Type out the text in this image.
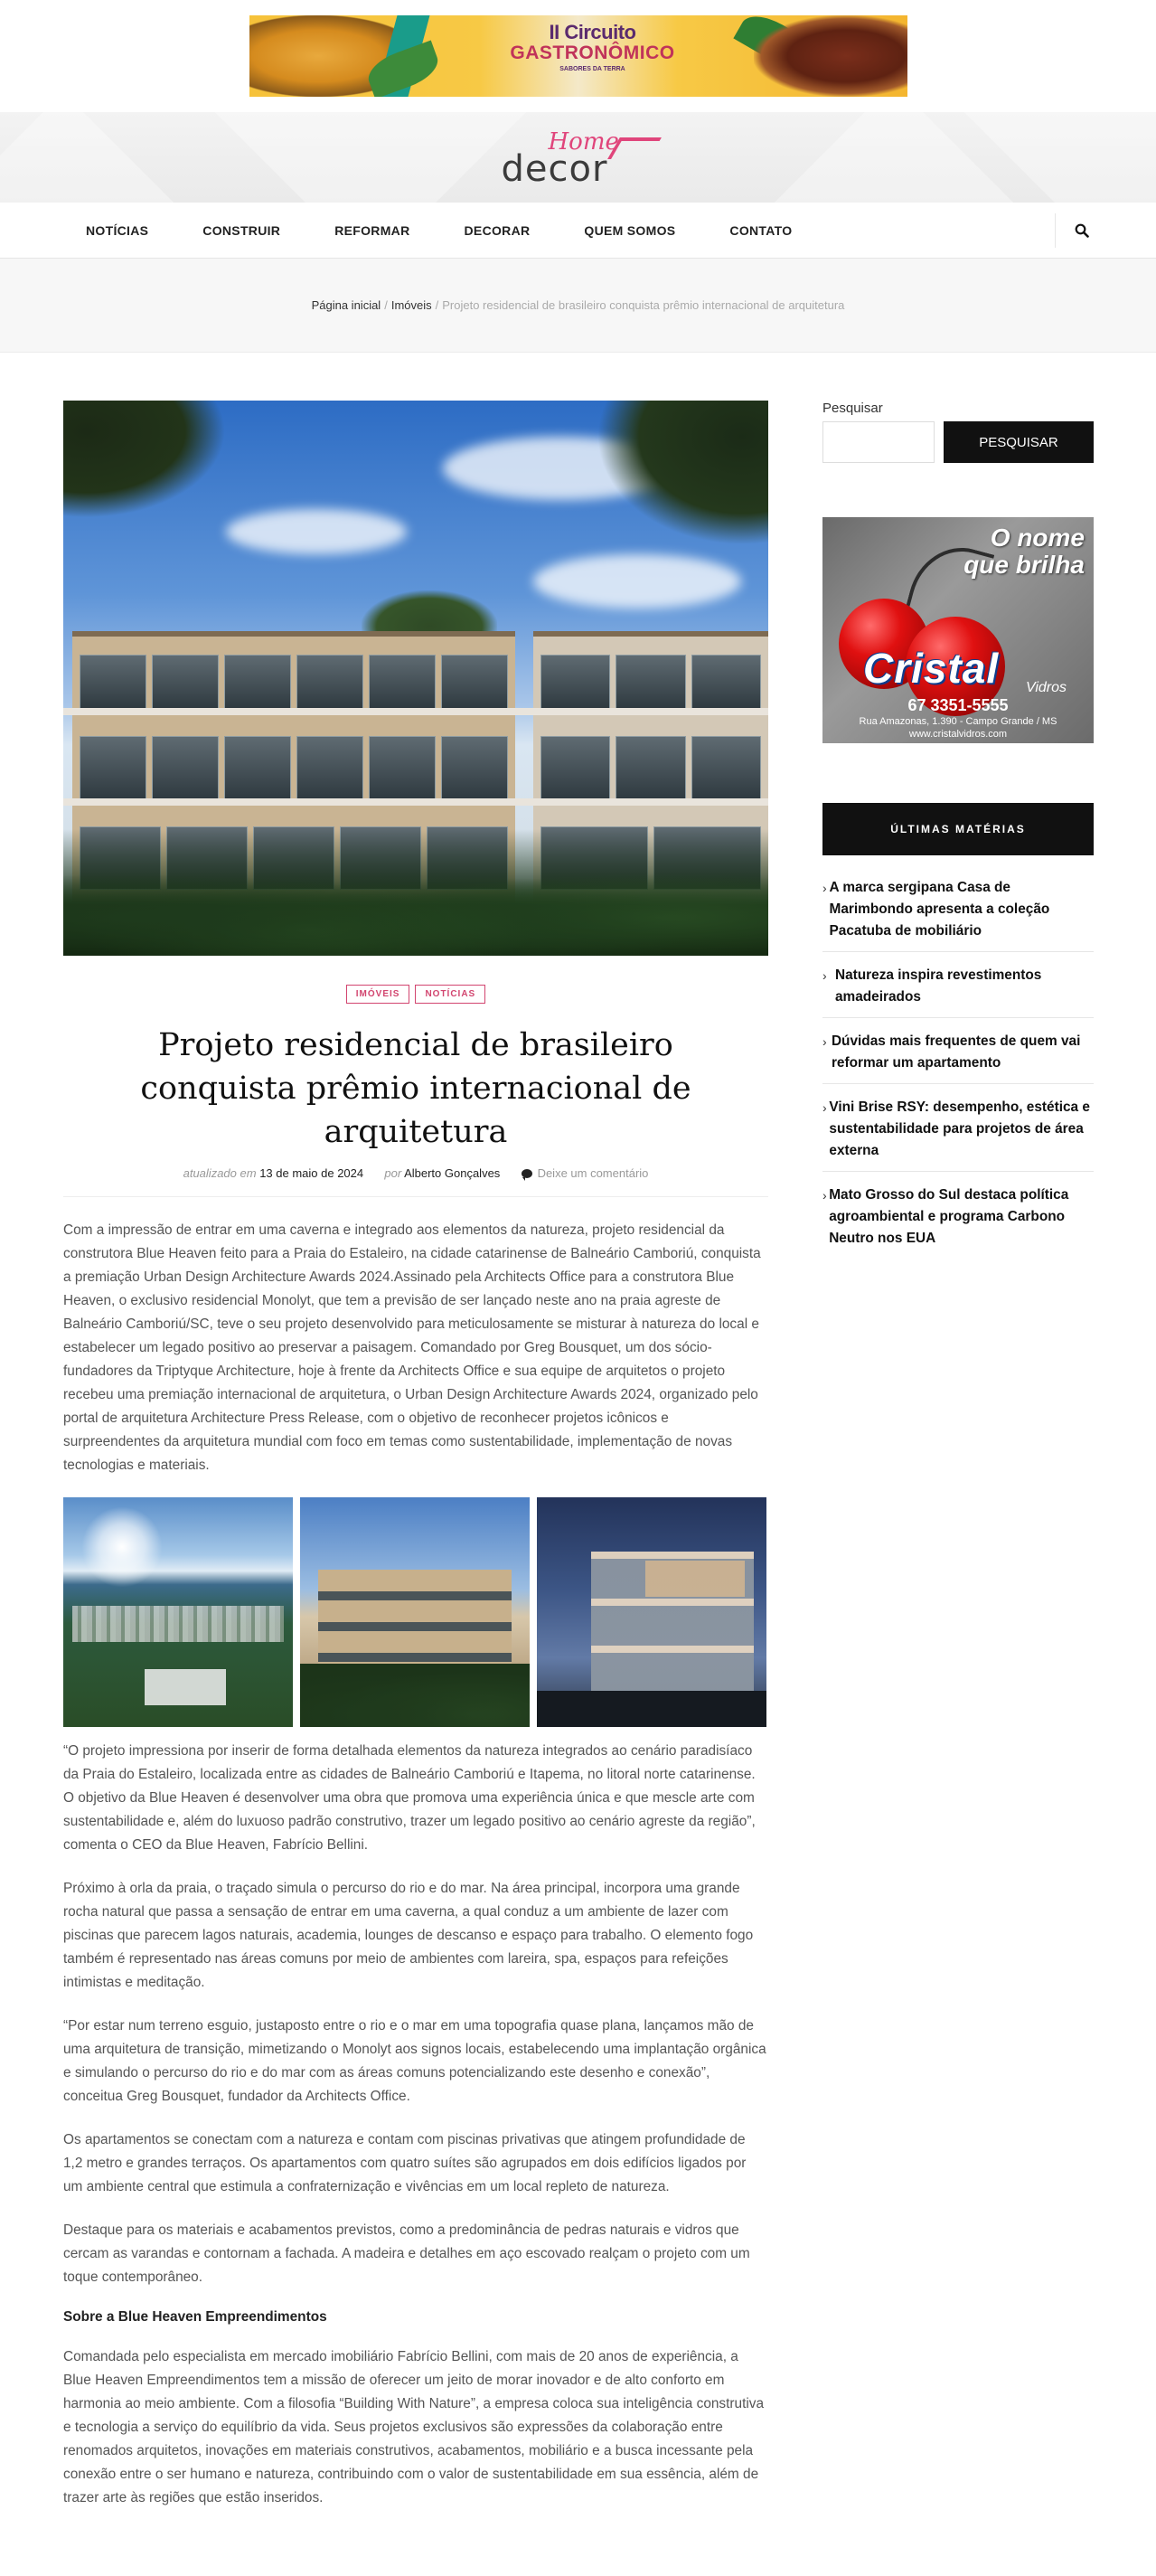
II Circuito
GASTRONÔMICO
SABORES DA TERRA
Home
decor
NOTÍCIAS	CONSTRUIR	REFORMAR	DECORAR	QUEM SOMOS	CONTATO
Página inicial / Imóveis / Projeto residencial de brasileiro conquista prêmio internacional de arquitetura
IMÓVEIS	NOTÍCIAS
Projeto residencial de brasileiro conquista prêmio internacional de arquitetura
atualizado em 13 de maio de 2024 por Alberto Gonçalves	Deixe um comentário

Com a impressão de entrar em uma caverna e integrado aos elementos da natureza, projeto residencial da construtora Blue Heaven feito para a Praia do Estaleiro, na cidade catarinense de Balneário Camboriú, conquista a premiação Urban Design Architecture Awards 2024.Assinado pela Architects Office para a construtora Blue Heaven, o exclusivo residencial Monolyt, que tem a previsão de ser lançado neste ano na praia agreste de Balneário Camboriú/SC, teve o seu projeto desenvolvido para meticulosamente se misturar à natureza do local e estabelecer um legado positivo ao preservar a paisagem. Comandado por Greg Bousquet, um dos sócio-fundadores da Triptyque Architecture, hoje à frente da Architects Office e sua equipe de arquitetos o projeto recebeu uma premiação internacional de arquitetura, o Urban Design Architecture Awards 2024, organizado pelo portal de arquitetura Architecture Press Release, com o objetivo de reconhecer projetos icônicos e surpreendentes da arquitetura mundial com foco em temas como sustentabilidade, implementação de novas tecnologias e materiais.

“O projeto impressiona por inserir de forma detalhada elementos da natureza integrados ao cenário paradisíaco da Praia do Estaleiro, localizada entre as cidades de Balneário Camboriú e Itapema, no litoral norte catarinense. O objetivo da Blue Heaven é desenvolver uma obra que promova uma experiência única e que mescle arte com sustentabilidade e, além do luxuoso padrão construtivo, trazer um legado positivo ao cenário agreste da região”, comenta o CEO da Blue Heaven, Fabrício Bellini.

Próximo à orla da praia, o traçado simula o percurso do rio e do mar. Na área principal, incorpora uma grande rocha natural que passa a sensação de entrar em uma caverna, a qual conduz a um ambiente de lazer com piscinas que parecem lagos naturais, academia, lounges de descanso e espaço para trabalho. O elemento fogo também é representado nas áreas comuns por meio de ambientes com lareira, spa, espaços para refeições intimistas e meditação.

“Por estar num terreno esguio, justaposto entre o rio e o mar em uma topografia quase plana, lançamos mão de uma arquitetura de transição, mimetizando o Monolyt aos signos locais, estabelecendo uma implantação orgânica e simulando o percurso do rio e do mar com as áreas comuns potencializando este desenho e conexão”, conceitua Greg Bousquet, fundador da Architects Office.

Os apartamentos se conectam com a natureza e contam com piscinas privativas que atingem profundidade de 1,2 metro e grandes terraços. Os apartamentos com quatro suítes são agrupados em dois edifícios ligados por um ambiente central que estimula a confraternização e vivências em um local repleto de natureza.

Destaque para os materiais e acabamentos previstos, como a predominância de pedras naturais e vidros que cercam as varandas e contornam a fachada. A madeira e detalhes em aço escovado realçam o projeto com um toque contemporâneo.

Sobre a Blue Heaven Empreendimentos

Comandada pelo especialista em mercado imobiliário Fabrício Bellini, com mais de 20 anos de experiência, a Blue Heaven Empreendimentos tem a missão de oferecer um jeito de morar inovador e de alto conforto em harmonia ao meio ambiente. Com a filosofia “Building With Nature”, a empresa coloca sua inteligência construtiva e tecnologia a serviço do equilíbrio da vida. Seus projetos exclusivos são expressões da colaboração entre renomados arquitetos, inovações em materiais construtivos, acabamentos, mobiliário e a busca incessante pela conexão entre o ser humano e natureza, contribuindo com o valor de sustentabilidade em sua essência, além de trazer arte às regiões que estão inseridos.

Pesquisar
PESQUISAR
O nome que brilha
Cristal Vidros
67 3351-5555
Rua Amazonas, 1.390 - Campo Grande / MS
www.cristalvidros.com
ÚLTIMAS MATÉRIAS
› A marca sergipana Casa de Marimbondo apresenta a coleção Pacatuba de mobiliário
› Natureza inspira revestimentos amadeirados
› Dúvidas mais frequentes de quem vai reformar um apartamento
› Vini Brise RSY: desempenho, estética e sustentabilidade para projetos de área externa
› Mato Grosso do Sul destaca política agroambiental e programa Carbono Neutro nos EUA
